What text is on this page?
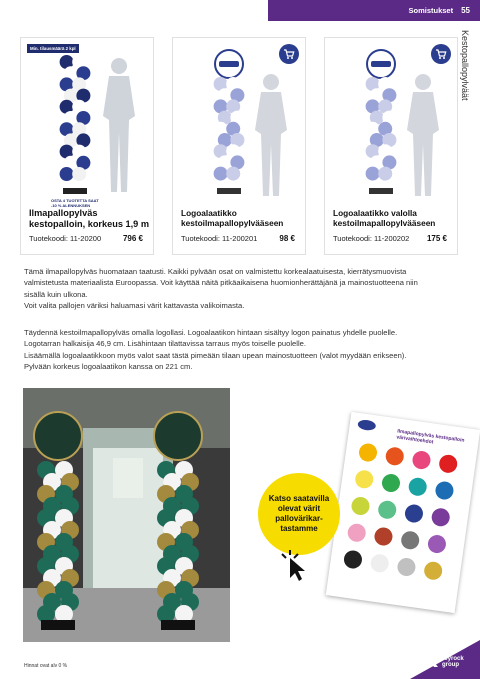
Somistukset 55
Kestopallopylväät
Min. tilausmäärä 2 kpl
OSTA 4 TUOTETTA SAAT -10 % ALENNUKSEN
Ilmapallopylväs kestopalloin, korkeus 1,9 m
Tuotekoodi: 11-20200	796 €
Logoalaatikko kestoilmapallopylvääseen
Tuotekoodi: 11-200201	98 €
Logoalaatikko valolla kestoilmapallopylvääseen
Tuotekoodi: 11-200202 175 €
Tämä ilmapallopylväs huomataan taatusti. Kaikki pylvään osat on valmistettu korkealaatuisesta, kierrätysmuovista
valmistetusta materiaalista Euroopassa. Voit käyttää näitä pitkäaikaisena huomionherättäjänä ja mainostuotteena niin
sisällä kuin ulkona.
Voit valita pallojen väriksi haluamasi värit kattavasta valikoimasta.
Täydennä kestoilmapallopylväs omalla logollasi. Logoalaatikon hintaan sisältyy logon painatus yhdelle puolelle.
Logotarran halkaisija 46,9 cm. Lisähintaan tilattavissa tarraus myös toiselle puolelle.
Lisäämällä logoalaatikkoon myös valot saat tästä pimeään tilaan upean mainostuotteen (valot myydään erikseen).
Pylvään korkeus logoalaatikon kanssa on 221 cm.
Ilmapallopylväs kestopalloin värivaihtoehdot
Katso saatavilla olevat värit pallovärikar-tastamme
Hinnat ovat alv 0 %
toyrock
group
